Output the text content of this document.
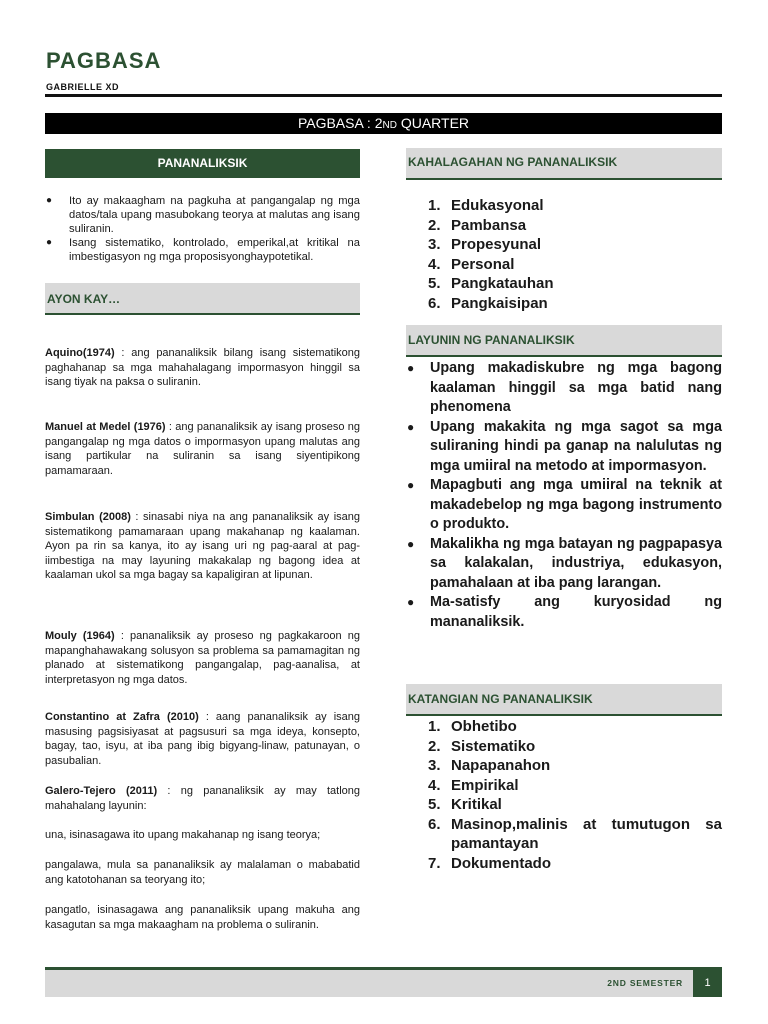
PAGBASA
GABRIELLE XD
PAGBASA : 2ND QUARTER
PANANALIKSIK
● Ito ay makaagham na pagkuha at pangangalap ng mga datos/tala upang masubokang teorya at malutas ang isang suliranin.
● Isang sistematiko, kontrolado, emperikal,at kritikal na imbestigasyon ng mga proposisyonghaypotetikal.
AYON KAY…

Aquino(1974) : ang pananaliksik bilang isang sistematikong paghahanap sa mga mahahalagang impormasyon hinggil sa isang tiyak na paksa o suliranin.

Manuel at Medel (1976) : ang pananaliksik ay isang proseso ng pangangalap ng mga datos o impormasyon upang malutas ang isang partikular na suliranin sa isang siyentipikong pamamaraan.

Simbulan (2008) : sinasabi niya na ang pananaliksik ay isang sistematikong pamamaraan upang makahanap ng kaalaman. Ayon pa rin sa kanya, ito ay isang uri ng pag-aaral at pag-iimbestiga na may layuning makakalap ng bagong idea at kaalaman ukol sa mga bagay sa kapaligiran at lipunan.

Mouly (1964) : pananaliksik ay proseso ng pagkakaroon ng mapanghahawakang solusyon sa problema sa pamamagitan ng planado at sistematikong pangangalap, pag-aanalisa, at interpretasyon ng mga datos.

Constantino at Zafra (2010) : aang pananaliksik ay isang masusing pagsisiyasat at pagsusuri sa mga ideya, konsepto, bagay, tao, isyu, at iba pang ibig bigyang-linaw, patunayan, o pasubalian.

Galero-Tejero (2011) : ng pananaliksik ay may tatlong mahahalang layunin:

una, isinasagawa ito upang makahanap ng isang teorya;

pangalawa, mula sa pananaliksik ay malalaman o mababatid ang katotohanan sa teoryang ito;

pangatlo, isinasagawa ang pananaliksik upang makuha ang kasagutan sa mga makaagham na problema o suliranin.

KAHALAGAHAN NG PANANALIKSIK
1. Edukasyonal
2. Pambansa
3. Propesyunal
4. Personal
5. Pangkatauhan
6. Pangkaisipan
LAYUNIN NG PANANALIKSIK
● Upang makadiskubre ng mga bagong kaalaman hinggil sa mga batid nang phenomena
● Upang makakita ng mga sagot sa mga suliraning hindi pa ganap na nalulutas ng mga umiiral na metodo at impormasyon.
● Mapagbuti ang mga umiiral na teknik at makadebelop ng mga bagong instrumento o produkto.
● Makalikha ng mga batayan ng pagpapasya sa kalakalan, industriya, edukasyon, pamahalaan at iba pang larangan.
● Ma-satisfy ang kuryosidad ng mananaliksik.
KATANGIAN NG PANANALIKSIK
1. Obhetibo
2. Sistematiko
3. Napapanahon
4. Empirikal
5. Kritikal
6. Masinop,malinis at tumutugon sa pamantayan
7. Dokumentado
2ND SEMESTER	1
